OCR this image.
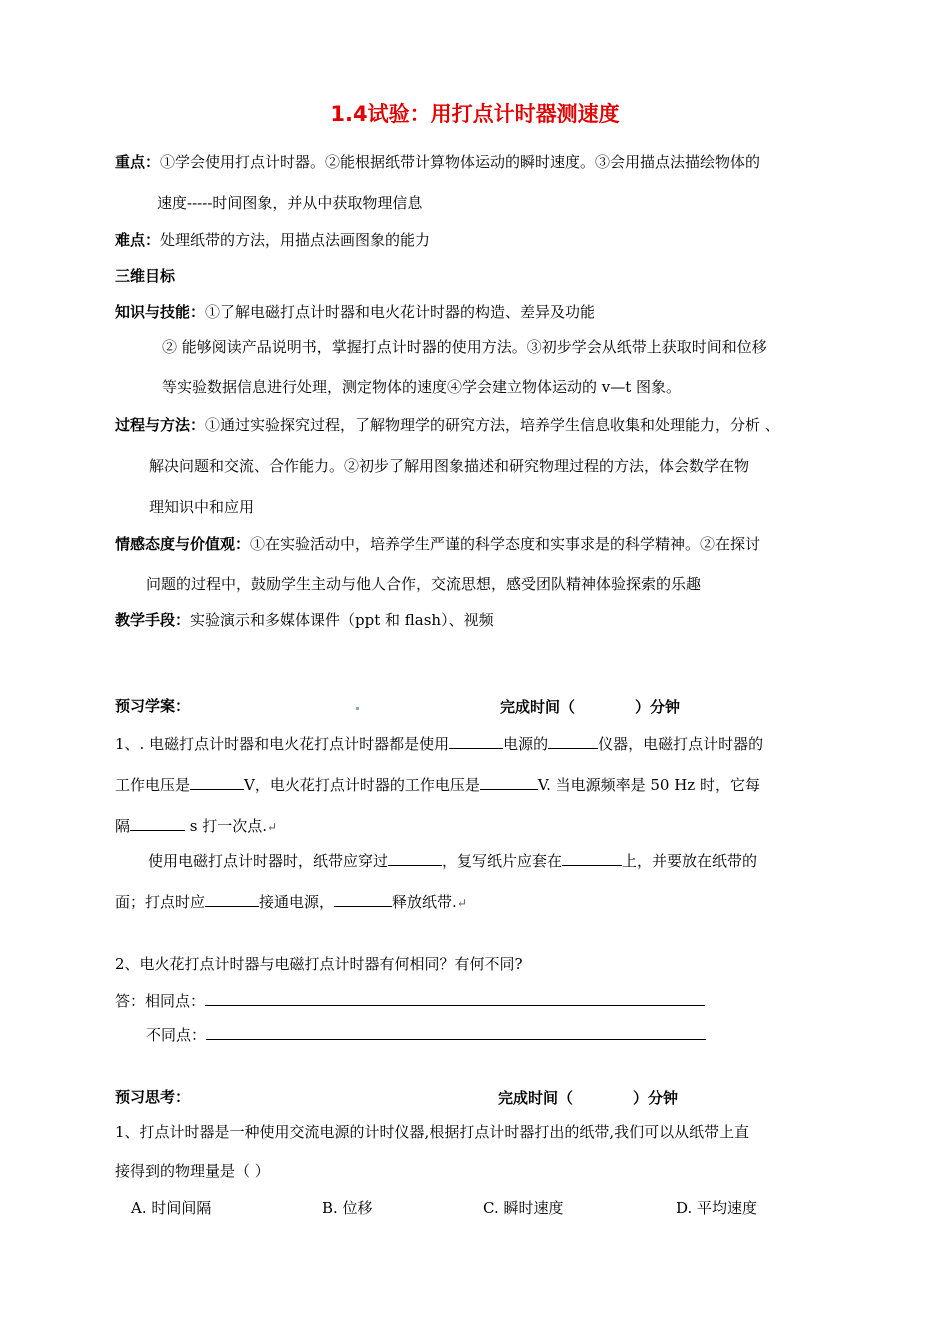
1.4试验：用打点计时器测速度
重点：①学会使用打点计时器。②能根据纸带计算物体运动的瞬时速度。③会用描点法描绘物体的
速度-----时间图象，并从中获取物理信息
难点：处理纸带的方法，用描点法画图象的能力
三维目标
知识与技能：①了解电磁打点计时器和电火花计时器的构造、差异及功能
② 能够阅读产品说明书，掌握打点计时器的使用方法。③初步学会从纸带上获取时间和位移
等实验数据信息进行处理，测定物体的速度④学会建立物体运动的 v—t 图象。
过程与方法：①通过实验探究过程，了解物理学的研究方法，培养学生信息收集和处理能力，分析 、
解决问题和交流、合作能力。②初步了解用图象描述和研究物理过程的方法，体会数学在物
理知识中和应用
情感态度与价值观：①在实验活动中，培养学生严谨的科学态度和实事求是的科学精神。②在探讨
问题的过程中，鼓励学生主动与他人合作，交流思想，感受团队精神体验探索的乐趣
教学手段：实验演示和多媒体课件（ppt 和 flash）、视频
预习学案：	完成时间（	）分钟
1、. 电磁打点计时器和电火花打点计时器都是使用	电源的	仪器，电磁打点计时器的
工作电压是	V，电火花打点计时器的工作电压是	V. 当电源频率是 50 Hz 时，它每
隔	s 打一次点.↵
使用电磁打点计时器时，纸带应穿过	，复写纸片应套在	上，并要放在纸带的
面；打点时应	接通电源，	释放纸带.↵
2、电火花打点计时器与电磁打点计时器有何相同？有何不同?
答：相同点：
不同点：
预习思考：	完成时间（	）分钟
1、打点计时器是一种使用交流电源的计时仪器,根据打点计时器打出的纸带,我们可以从纸带上直
接得到的物理量是（ ）
A. 时间间隔	B. 位移	C. 瞬时速度	D. 平均速度
